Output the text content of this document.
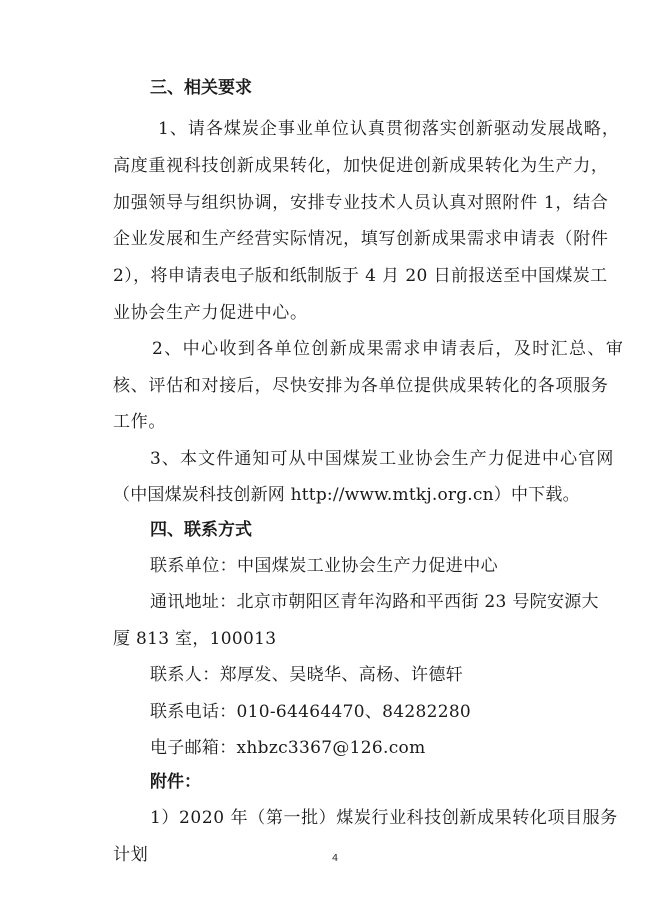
三、相关要求
1、请各煤炭企事业单位认真贯彻落实创新驱动发展战略，
高度重视科技创新成果转化，加快促进创新成果转化为生产力，
加强领导与组织协调，安排专业技术人员认真对照附件 1，结合
企业发展和生产经营实际情况，填写创新成果需求申请表（附件
2），将申请表电子版和纸制版于 4 月 20 日前报送至中国煤炭工
业协会生产力促进中心。
2、中心收到各单位创新成果需求申请表后，及时汇总、审
核、评估和对接后，尽快安排为各单位提供成果转化的各项服务
工作。
3、本文件通知可从中国煤炭工业协会生产力促进中心官网
（中国煤炭科技创新网 http://www.mtkj.org.cn）中下载。
四、联系方式
联系单位：中国煤炭工业协会生产力促进中心
通讯地址：北京市朝阳区青年沟路和平西街 23 号院安源大
厦 813 室，100013
联系人：郑厚发、吴晓华、高杨、许德轩
联系电话：010-64464470、84282280
电子邮箱：xhbzc3367@126.com
附件：
1）2020 年（第一批）煤炭行业科技创新成果转化项目服务
计划	4
